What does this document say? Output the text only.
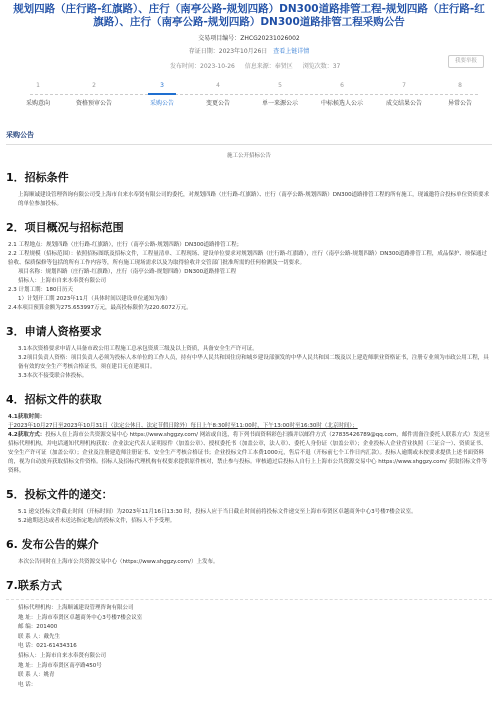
规划四路（庄行路-红旗路）、庄行（南亭公路-规划四路）DN300道路排管工程-规划四路（庄行路-红旗路）、庄行（南亭公路-规划四路）DN300道路排管工程采购公告
交易项目编号：ZHCG20231026002
存证日期：2023年10月26日 查看上链详情
发布时间：2023-10-26 信息来源：奉贤区 浏览次数：37
我要举报
1
采购意向
2
资格预审公告
3
采购公告
4
变更公告
5
单一来源公示
6
中标候选人公示
7
成交结果公告
8
异常公告
采购公告
施工公开招标公告
1．招标条件
上海顺诚建设管理咨询有限公司受上海市自来水奉贤有限公司的委托，对规划四路（庄行路-红旗路）、庄行（南亭公路-规划四路）DN300道路排管工程的所有施工，现诚邀符合投标单位资质要求的单位参加投标。
2．项目概况与招标范围
2.1 工程地点：规划四路（庄行路-红旗路），庄行（南亭公路-规划四路）DN300道路排管工程；
2.2 工程规模（招标范围）：依照招标图纸及招标文件，工程量清单、工程现场、建设单位要求对规划四路（庄行路-红旗路），庄行（南亭公路-规划四路）DN300道路排管工程，成品保护、竣保通过验收、保质保修等包括的所有工作内容等，所有施工现场需求以及为取得验收并交管部门批准所需的任何检测及一切要求。
项目名称：规划四路（庄行路-红旗路），庄行（南亭公路-规划四路）DN300道路排管工程
招标人：上海市自来水奉贤有限公司
2.3 计划工期：180日历天
1）计划开工期 2023年11月（具体时间以建设单位通知为准）
2.4本项目预算金额为275.653997万元，最高投标限价为220.6072万元。
3．申请人资格要求
3.1本次资格要求申请人具备市政公用工程施工总承包资质三级及以上资质，具备安全生产许可证。
3.2项目负责人资格：项目负责人必须为投标人本单位的工作人员，持有中华人民共和国住房和城乡建设部颁发的中华人民共和国二级及以上建造师职业资格证书，注册专业须为市政公用工程，具备有效的安全生产考核合格证书，须在建目无在建项目。
3.3本次不接受联合体投标。
4．招标文件的获取
4.1获取时间：
于2023年10月27日至2023年10月31日（法定公休日、法定节假日除外）每日上午8:30时至11:00时，下午13:00时至16:30时（北京时间）；
4.2获取方式：投标人在上海市公共资源交易中心 https://www.shggzy.com/ 网站或自选，将下列书面资料彩色扫描并以邮件方式（27835426789@qq.com，邮件需备注委托人联系方式）发送至招标代理机构，并电话通知代理机构获取：企业法定代表人证明原件（加盖公章）、授权委托书（加盖公章，法人章）、委托人身份证（加盖公章）；企业投标人企业营业执照（三证合一）、资质证书、安全生产许可证（加盖公章）；企业及注册建造师注册证书、安全生产考核合格证书；企业投标文件工本费1000元，售后不退（开标前七个工作日内汇款）。投标人逾期或未按要求提供上述书面资料的，视为自动放弃获取招标文件资格。招标人及招标代理机构有权要求提供原件核对，禁止参与投标。审核通过后投标人自行上上海市公共资源交易中心 https://www.shggzy.com/ 获取招标文件等资料。
5．投标文件的递交：
5.1 递交投标文件截止时间（开标时间）为2023年11月16日13:30 时，投标人应于当日截止时间前将投标文件递交至上海市奉贤区卓越商务中心3号楼7楼会议室。
5.2逾期送达或者未送达指定地点的投标文件，招标人不予受理。
6. 发布公告的媒介
本次公告同时在上海市公共资源交易中心（https://www.shggzy.com/）上发布。
7.联系方式
招标代理机构：上海顺诚建设管理咨询有限公司
地 址：上海市奉贤区卓越商务中心3号楼7楼会议室
邮 编：201400
联 系 人：戴先生
电 话：021-61434316
招标人：上海市自来水奉贤有限公司
地 址：上海市奉贤区南亭路450号
联 系 人：姚青
电 话：
